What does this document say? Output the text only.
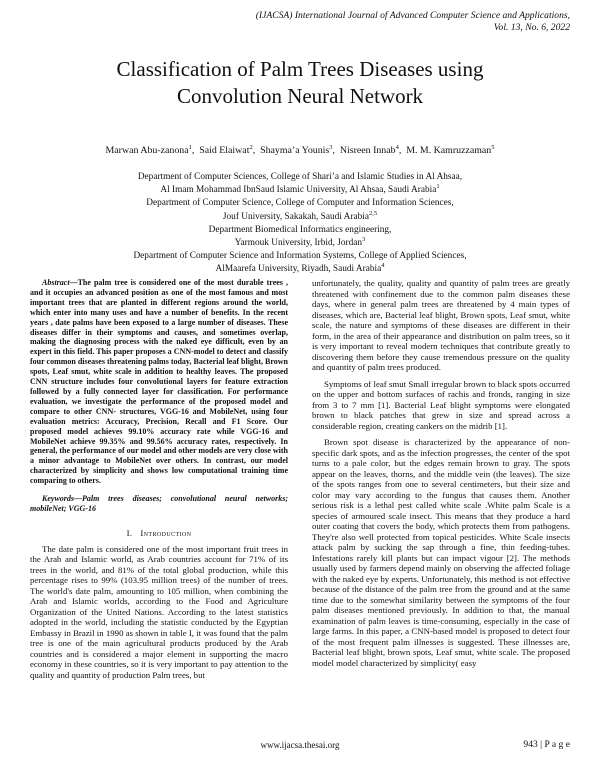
(IJACSA) International Journal of Advanced Computer Science and Applications,
Vol. 13, No. 6, 2022
Classification of Palm Trees Diseases using
Convolution Neural Network
Marwan Abu-zanona$^1$,  Said Elaiwat$^2$,  Shayma’a Younis$^3$,  Nisreen Innab$^4$,  M. M. Kamruzzaman$^5$
Department of Computer Sciences, College of Shari’a and Islamic Studies in Al Ahsaa,
Al Imam Mohammad IbnSaud Islamic University, Al Ahsaa, Saudi Arabia$^1$
Department of Computer Science, College of Computer and Information Sciences,
Jouf University, Sakakah, Saudi Arabia$^{2,5}$
Department Biomedical Informatics engineering,
Yarmouk University, Irbid, Jordan$^3$
Department of Computer Science and Information Systems, College of Applied Sciences,
AlMaarefa University, Riyadh, Saudi Arabia$^4$

Abstract—The palm tree is considered one of the most durable trees , and it occupies an advanced position as one of the most famous and most important trees that are planted in different regions around the world, which enter into many uses and have a number of benefits. In the recent years , date palms have been exposed to a large number of diseases. These diseases differ in their symptoms and causes, and sometimes overlap, making the diagnosing process with the naked eye difficult, even by an expert in this field. This paper proposes a CNN-model to detect and classify four common diseases threatening palms today, Bacterial leaf blight, Brown spots, Leaf smut, white scale in addition to healthy leaves. The proposed CNN structure includes four convolutional layers for feature extraction followed by a fully connected layer for classification. For performance evaluation, we investigate the performance of the proposed model and compare to other CNN- structures, VGG-16 and MobileNet, using four evaluation metrics: Accuracy, Precision, Recall and F1 Score. Our proposed model achieves 99.10% accuracy rate while VGG-16 and MobileNet achieve 99.35% and 99.56% accuracy rates, respectively. In general, the performance of our model and other models are very close with a minor advantage to MobileNet over others. In contrast, our model characterized by simplicity and shows low computational training time comparing to others.

Keywords—Palm trees diseases; convolutional neural networks; mobileNet; VGG-16

I. Introduction

The date palm is considered one of the most important fruit trees in the Arab and Islamic world, as Arab countries account for 71% of its trees in the world, and 81% of the total global production, while this percentage rises to 99% (103.95 million trees) of the number of trees. The world's date palm, amounting to 105 million, when combining the Arab and Islamic worlds, according to the Food and Agriculture Organization of the United Nations. According to the latest statistics adopted in the world, including the statistic conducted by the Egyptian Embassy in Brazil in 1990 as shown in table I, it was found that the palm tree is one of the main agricultural products produced by the Arab countries and is considered a major element in supporting the macro economy in these countries, so it is very important to pay attention to the quality and quantity of production Palm trees, but

unfortunately, the quality, quality and quantity of palm trees are greatly threatened with confinement due to the common palm diseases these days, where in general palm trees are threatened by 4 main types of diseases, which are, Bacterial leaf blight, Brown spots, Leaf smut, white scale, the nature and symptoms of these diseases are different in their form, in the area of their appearance and distribution on palm trees, so it is very important to reveal modern techniques that contribute greatly to discovering them before they cause tremendous pressure on the quality and quantity of palm trees produced.

Symptoms of leaf smut Small irregular brown to black spots occurred on the upper and bottom surfaces of rachis and fronds, ranging in size from 3 to 7 mm [1]. Bacterial Leaf blight symptoms were elongated brown to black patches that grew in size and spread across a considerable region, creating cankers on the midrib [1].

Brown spot disease is characterized by the appearance of non-specific dark spots, and as the infection progresses, the center of the spot turns to a pale color, but the edges remain brown to gray. The spots appear on the leaves, thorns, and the middle vein (the leaves). The size of the spots ranges from one to several centimeters, but their size and color may vary according to the fungus that causes them. Another serious risk is a lethal pest called white scale .White palm Scale is a species of armoured scale insect. This means that they produce a hard outer coating that covers the body, which protects them from pathogens. They're also well protected from topical pesticides. White Scale insects attack palm by sucking the sap through a fine, thin feeding-tubes. Infestations rarely kill plants but can impact vigour [2]. The methods usually used by farmers depend mainly on observing the affected foliage with the naked eye by experts. Unfortunately, this method is not effective because of the distance of the palm tree from the ground and at the same time due to the somewhat similarity between the symptoms of the four palm diseases mentioned previously. In addition to that, the manual examination of palm leaves is time-consuming, especially in the case of large farms. In this paper, a CNN-based model is proposed to detect four of the most frequent palm illnesses is suggested. These illnesses are, Bacterial leaf blight, brown spots, Leaf smut, white scale. The proposed model model characterized by simplicity( easy

www.ijacsa.thesai.org	943 | P a g e
